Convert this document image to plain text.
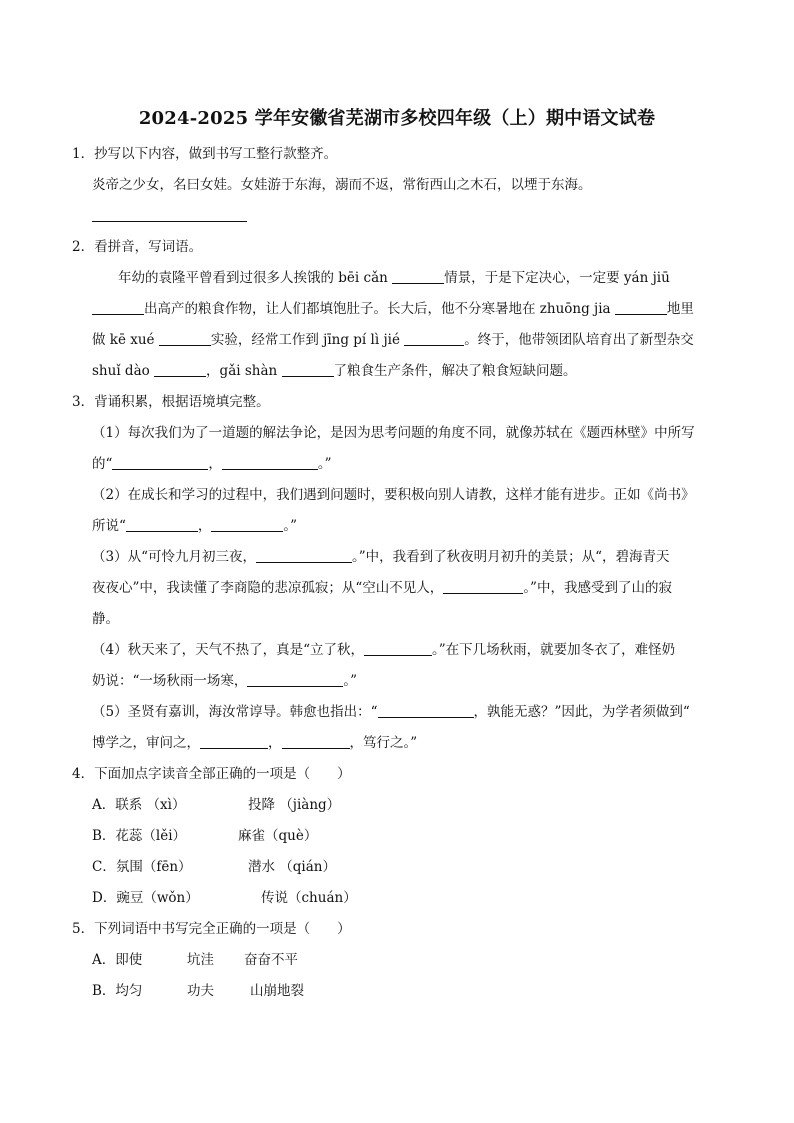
2024-2025 学年安徽省芜湖市多校四年级（上）期中语文试卷
1．抄写以下内容，做到书写工整行款整齐。
炎帝之少女，名曰女娃。女娃游于东海，溺而不返，常衔西山之木石，以堙于东海。
2．看拼音，写词语。
年幼的袁隆平曾看到过很多人挨饿的 bēi cǎn	情景，于是下定决心，一定要 yán jiū
出高产的粮食作物，让人们都填饱肚子。长大后，他不分寒暑地在 zhuōng jia	地里
做 kē xué	实验，经常工作到 jīng pí lì jié	。终于，他带领团队培育出了新型杂交
shuǐ dào	，gǎi shàn	了粮食生产条件，解决了粮食短缺问题。
3．背诵积累，根据语境填完整。
（1）每次我们为了一道题的解法争论，是因为思考问题的角度不同，就像苏轼在《题西林壁》中所写
的“	，	。”
（2）在成长和学习的过程中，我们遇到问题时，要积极向别人请教，这样才能有进步。正如《尚书》
所说“	，	。”
（3）从“可怜九月初三夜，	。”中，我看到了秋夜明月初升的美景；从“，碧海青天
夜夜心”中，我读懂了李商隐的悲凉孤寂；从“空山不见人，	。”中，我感受到了山的寂
静。
（4）秋天来了，天气不热了，真是“立了秋，	。”在下几场秋雨，就要加冬衣了，难怪奶
奶说：“一场秋雨一场寒，	。”
（5）圣贤有嘉训，海汝常谆导。韩愈也指出：“	，孰能无惑？”因此，为学者须做到“
博学之，审问之，	，	，笃行之。”
4．下面加点字读音全部正确的一项是（　　）
A．联系 （xì）	投降 （jiàng）
B．花蕊（lěi）	麻雀（què）
C．氛围（fēn）	潜水 （qián）
D．豌豆（wǒn）	传说（chuán）
5．下列词语中书写完全正确的一项是（　　）
A．即使	坑洼 奋奋不平
B．均匀	功夫	山崩地裂
